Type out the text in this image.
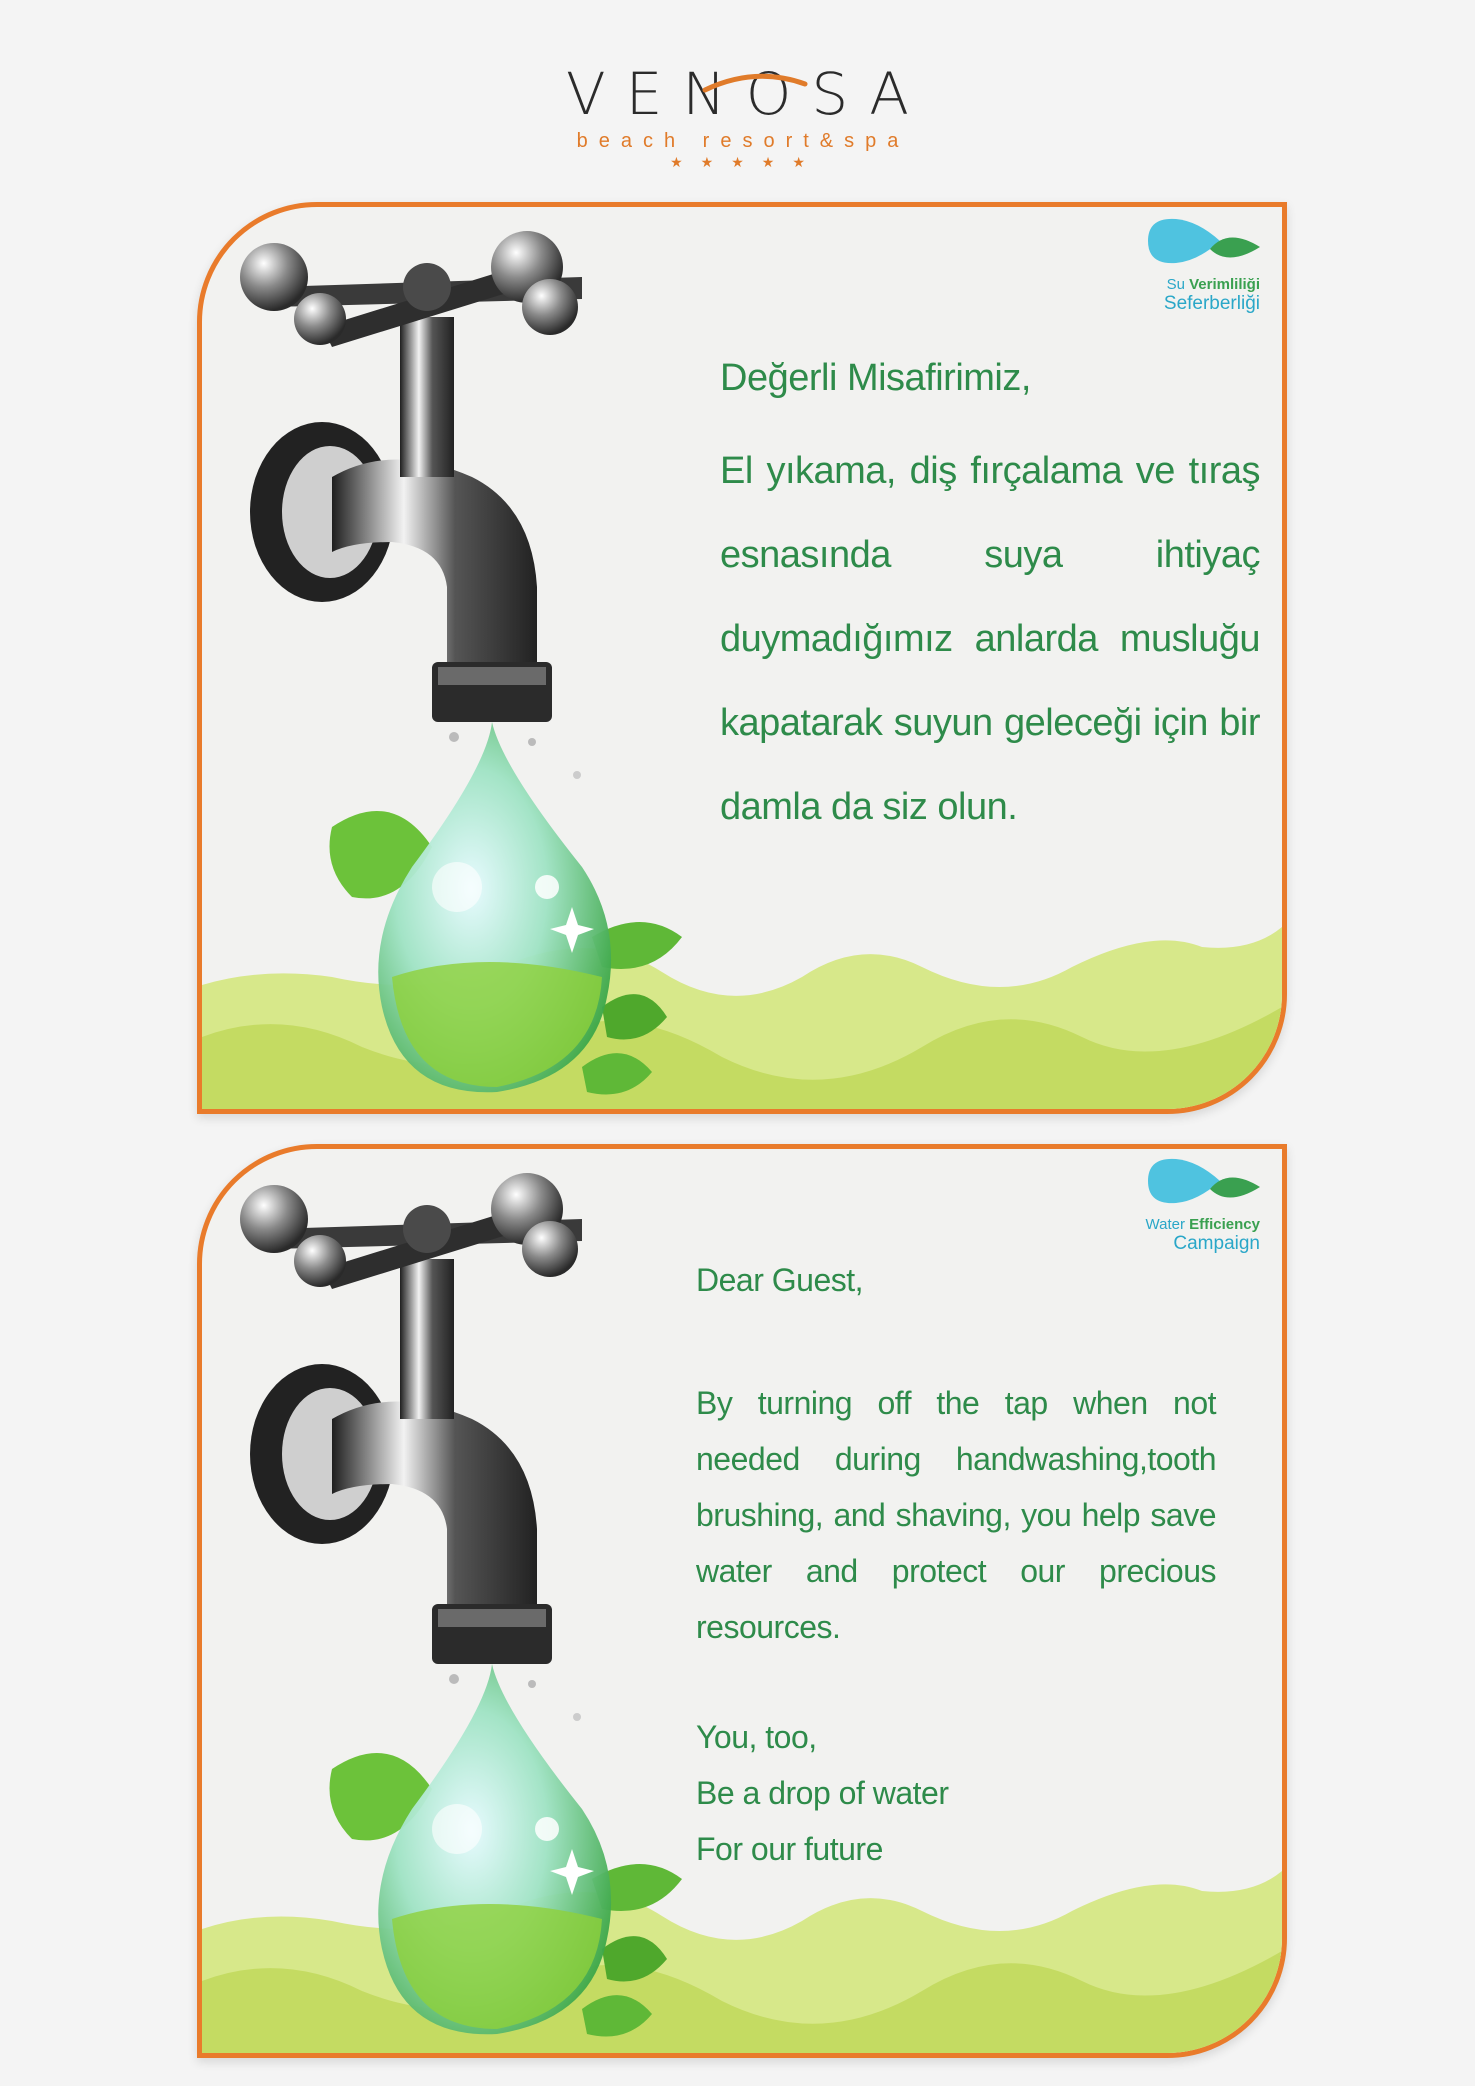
VENOSA
beach resort&spa
★★★★★
Su Verimliliği
Seferberliği
Değerli Misafirimiz,
El yıkama, diş fırçalama ve tıraş esnasında suya ihtiyaç duymadığımız anlarda musluğu kapatarak suyun geleceği için bir damla da siz olun.
Water Efficiency
Campaign
Dear Guest,
By turning off the tap when not needed during handwashing,tooth brushing, and shaving, you help save water and protect our precious resources.
You, too,
Be a drop of water
For our future
